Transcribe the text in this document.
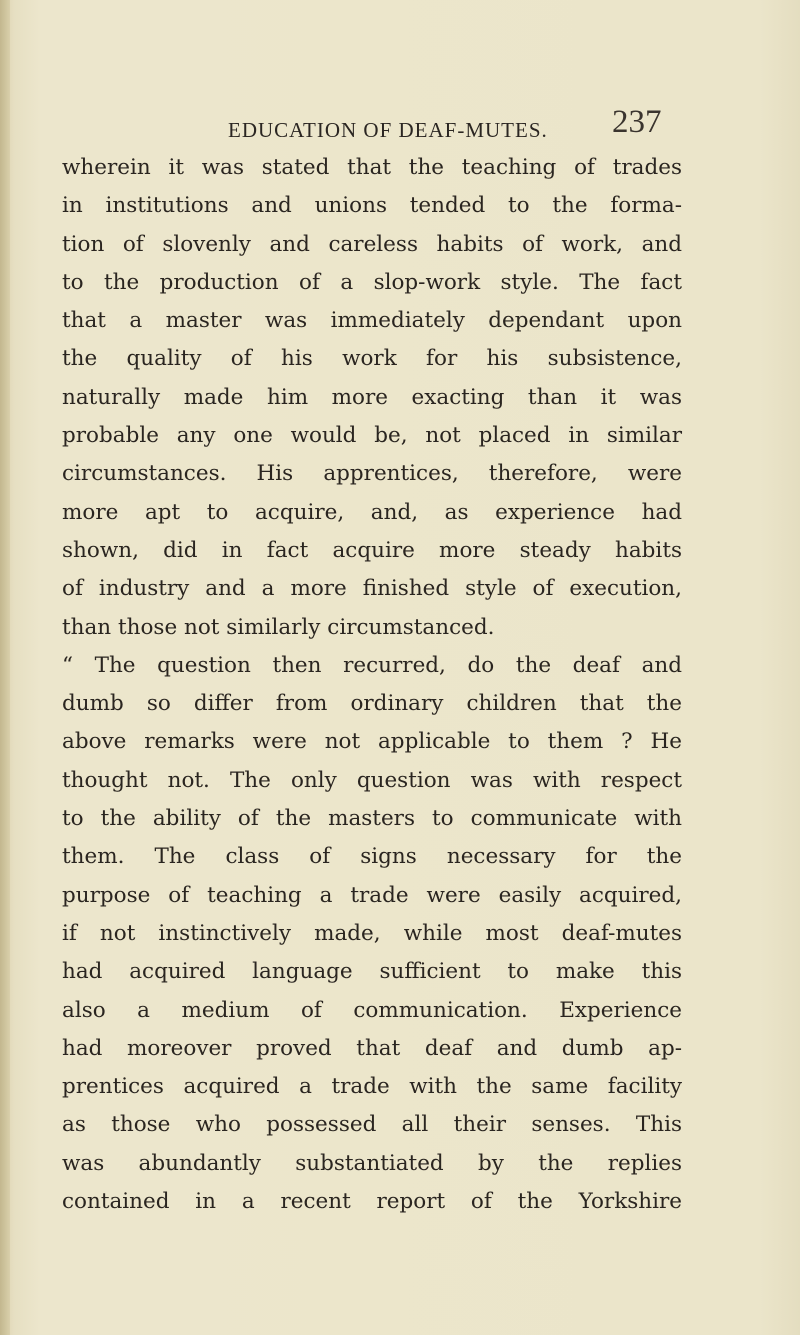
EDUCATION OF DEAF-MUTES. 237
wherein it was stated that the teaching of trades
in institutions and unions tended to the forma-
tion of slovenly and careless habits of work, and
to the production of a slop-work style. The fact
that a master was immediately dependant upon
the quality of his work for his subsistence,
naturally made him more exacting than it was
probable any one would be, not placed in similar
circumstances. His apprentices, therefore, were
more apt to acquire, and, as experience had
shown, did in fact acquire more steady habits
of industry and a more finished style of execution,
than those not similarly circumstanced.
“ The question then recurred, do the deaf and
dumb so differ from ordinary children that the
above remarks were not applicable to them ? He
thought not. The only question was with respect
to the ability of the masters to communicate with
them. The class of signs necessary for the
purpose of teaching a trade were easily acquired,
if not instinctively made, while most deaf-mutes
had acquired language sufficient to make this
also a medium of communication. Experience
had moreover proved that deaf and dumb ap-
prentices acquired a trade with the same facility
as those who possessed all their senses. This
was abundantly substantiated by the replies
contained in a recent report of the Yorkshire
